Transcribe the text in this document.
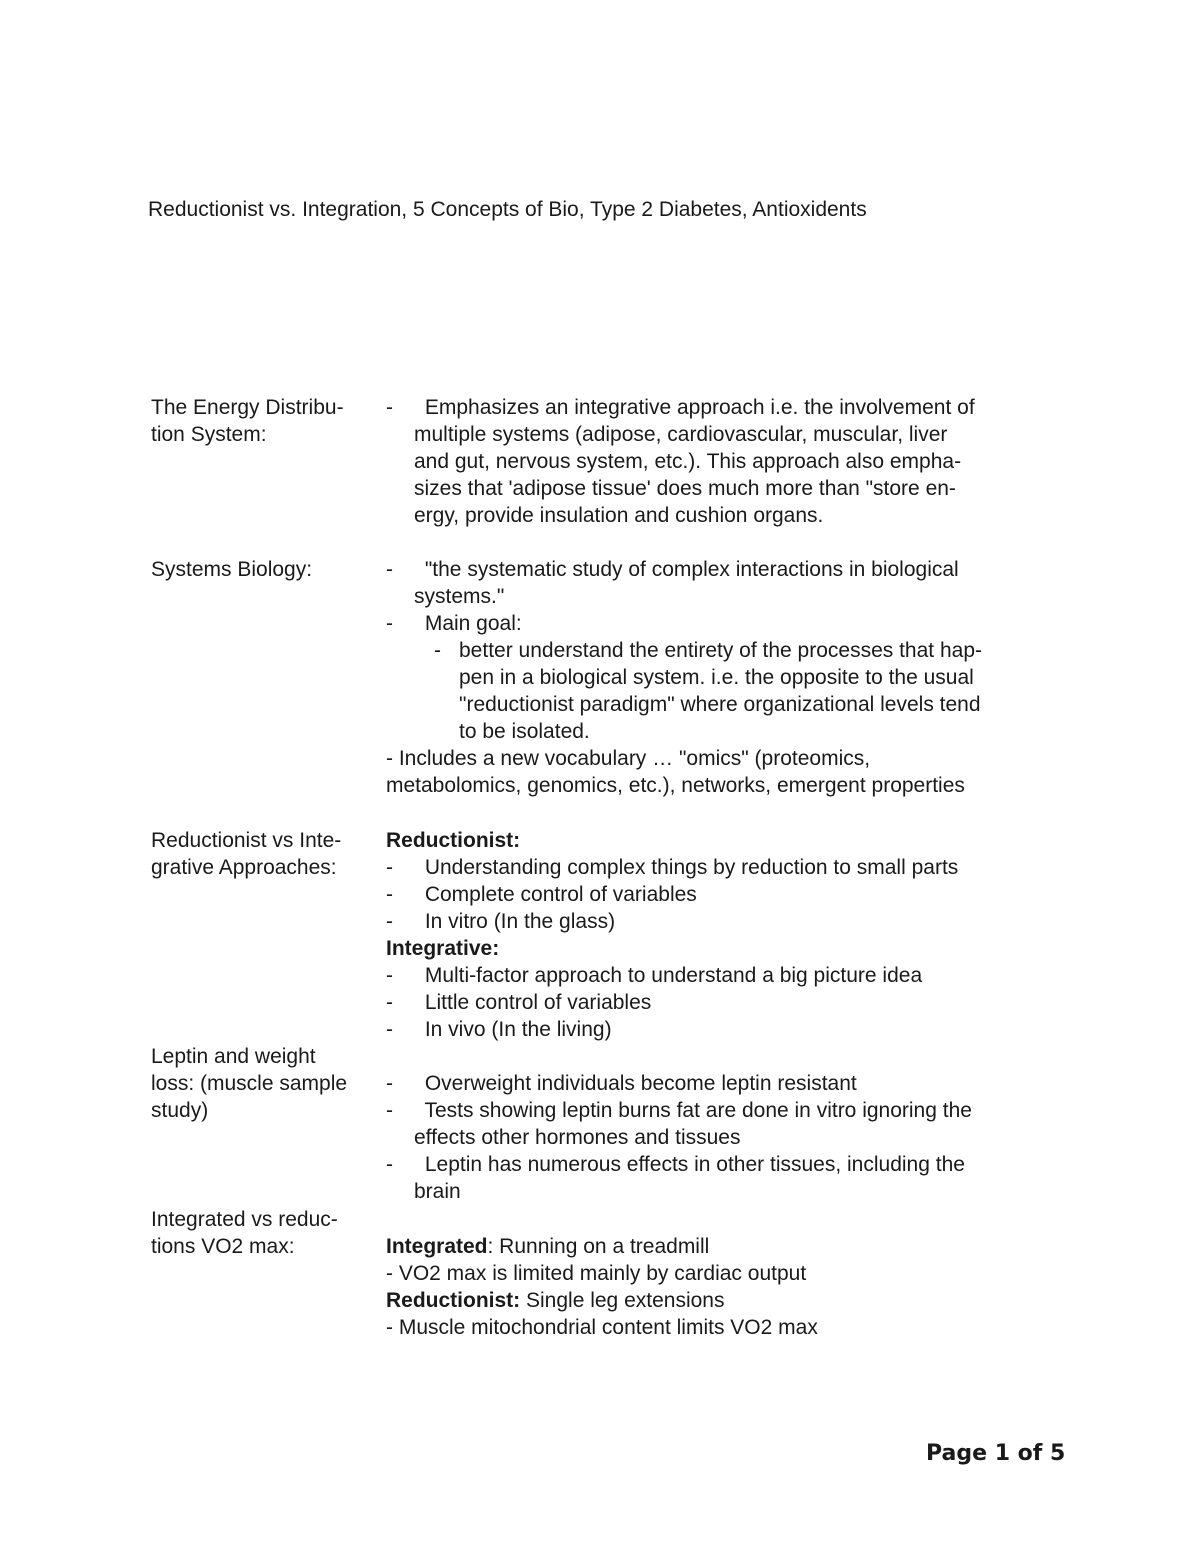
Reductionist vs. Integration, 5 Concepts of Bio, Type 2 Diabetes, Antioxidents
The Energy Distribu-
tion System:
- Emphasizes an integrative approach i.e. the involvement of
multiple systems (adipose, cardiovascular, muscular, liver
and gut, nervous system, etc.). This approach also empha-
sizes that 'adipose tissue' does much more than "store en-
ergy, provide insulation and cushion organs.
Systems Biology:	- "the systematic study of complex interactions in biological
systems."
- Main goal:
- better understand the entirety of the processes that hap-
pen in a biological system. i.e. the opposite to the usual
"reductionist paradigm" where organizational levels tend
to be isolated.
- Includes a new vocabulary … "omics" (proteomics,
metabolomics, genomics, etc.), networks, emergent properties
Reductionist vs Inte-
grative Approaches:
Reductionist:
- Understanding complex things by reduction to small parts
- Complete control of variables
- In vitro (In the glass)
Integrative:
- Multi-factor approach to understand a big picture idea
- Little control of variables
- In vivo (In the living)
Leptin and weight
loss: (muscle sample
study)
- Overweight individuals become leptin resistant
- Tests showing leptin burns fat are done in vitro ignoring the
effects other hormones and tissues
- Leptin has numerous effects in other tissues, including the
brain
Integrated vs reduc-
tions VO2 max:	Integrated: Running on a treadmill
- VO2 max is limited mainly by cardiac output
Reductionist: Single leg extensions
- Muscle mitochondrial content limits VO2 max
Page 1 of 5
